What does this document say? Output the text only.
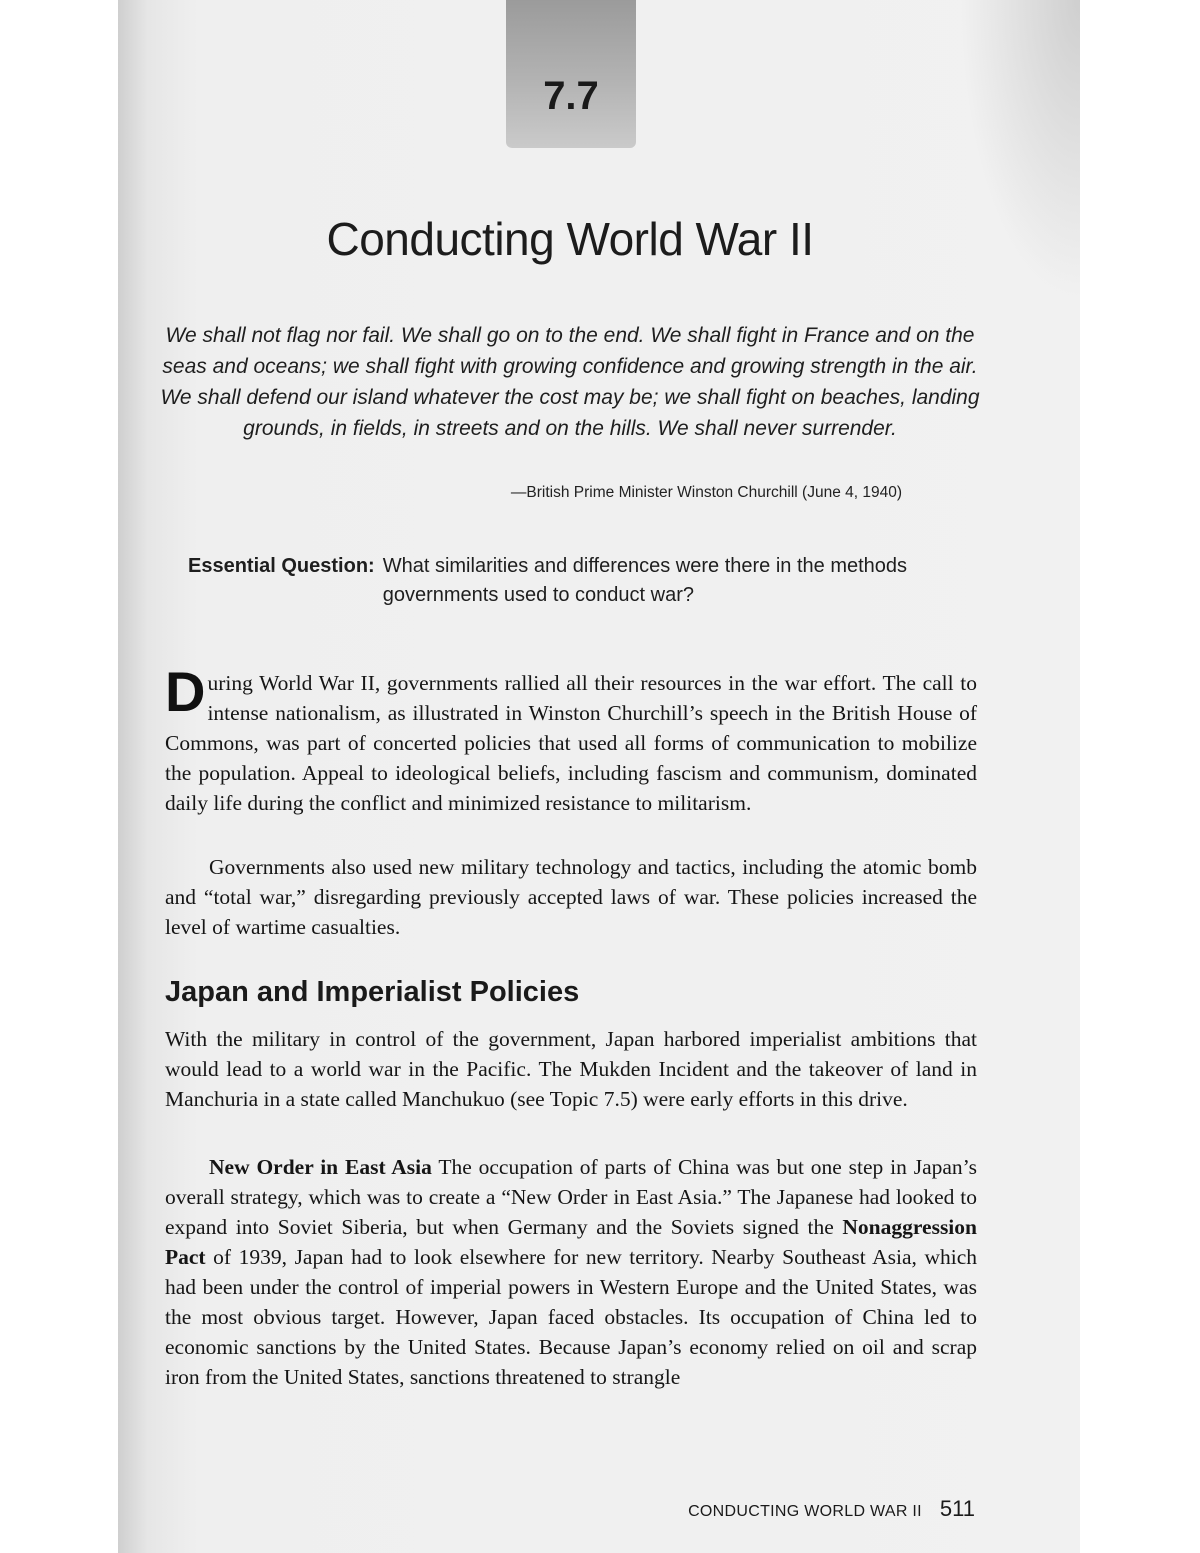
7.7
Conducting World War II

We shall not flag nor fail. We shall go on to the end. We shall fight in France and on the seas and oceans; we shall fight with growing confidence and growing strength in the air. We shall defend our island whatever the cost may be; we shall fight on beaches, landing grounds, in fields, in streets and on the hills. We shall never surrender.

—British Prime Minister Winston Churchill (June 4, 1940)

Essential Question: What similarities and differences were there in the methods governments used to conduct war?

During World War II, governments rallied all their resources in the war effort. The call to intense nationalism, as illustrated in Winston Churchill’s speech in the British House of Commons, was part of concerted policies that used all forms of communication to mobilize the population. Appeal to ideological beliefs, including fascism and communism, dominated daily life during the conflict and minimized resistance to militarism.

Governments also used new military technology and tactics, including the atomic bomb and “total war,” disregarding previously accepted laws of war. These policies increased the level of wartime casualties.

Japan and Imperialist Policies

With the military in control of the government, Japan harbored imperialist ambitions that would lead to a world war in the Pacific. The Mukden Incident and the takeover of land in Manchuria in a state called Manchukuo (see Topic 7.5) were early efforts in this drive.

New Order in East Asia The occupation of parts of China was but one step in Japan’s overall strategy, which was to create a “New Order in East Asia.” The Japanese had looked to expand into Soviet Siberia, but when Germany and the Soviets signed the Nonaggression Pact of 1939, Japan had to look elsewhere for new territory. Nearby Southeast Asia, which had been under the control of imperial powers in Western Europe and the United States, was the most obvious target. However, Japan faced obstacles. Its occupation of China led to economic sanctions by the United States. Because Japan’s economy relied on oil and scrap iron from the United States, sanctions threatened to strangle

CONDUCTING WORLD WAR II 511
